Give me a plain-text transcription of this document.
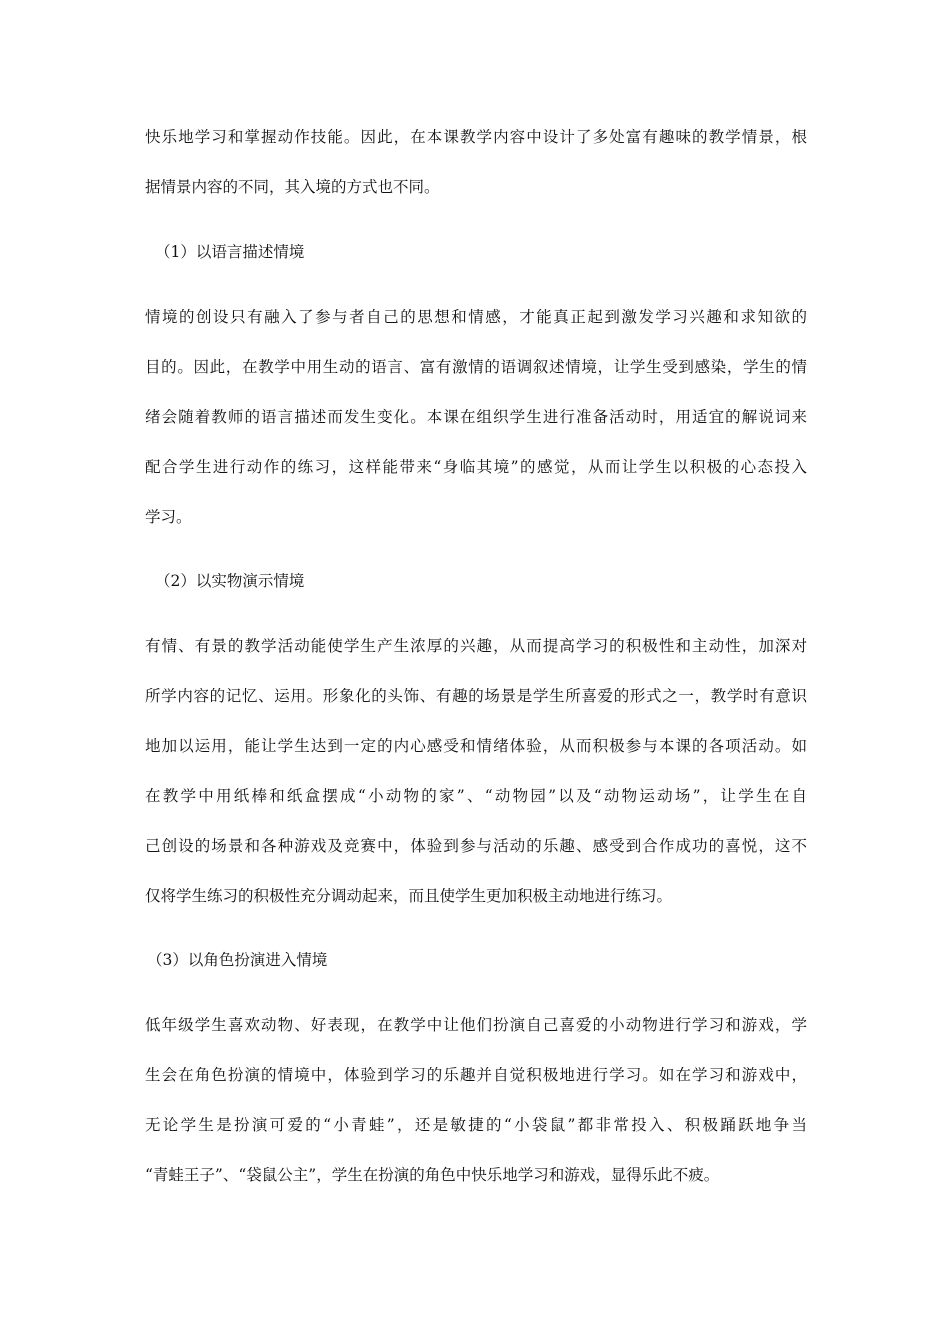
快乐地学习和掌握动作技能。因此，在本课教学内容中设计了多处富有趣味的教学情景，根
据情景内容的不同，其入境的方式也不同。
（1）以语言描述情境
情境的创设只有融入了参与者自己的思想和情感，才能真正起到激发学习兴趣和求知欲的
目的。因此，在教学中用生动的语言、富有激情的语调叙述情境，让学生受到感染，学生的情
绪会随着教师的语言描述而发生变化。本课在组织学生进行准备活动时，用适宜的解说词来
配合学生进行动作的练习，这样能带来“身临其境”的感觉，从而让学生以积极的心态投入
学习。
（2）以实物演示情境
有情、有景的教学活动能使学生产生浓厚的兴趣，从而提高学习的积极性和主动性，加深对
所学内容的记忆、运用。形象化的头饰、有趣的场景是学生所喜爱的形式之一，教学时有意识
地加以运用，能让学生达到一定的内心感受和情绪体验，从而积极参与本课的各项活动。如
在教学中用纸棒和纸盒摆成“小动物的家”、“动物园”以及“动物运动场”，让学生在自
己创设的场景和各种游戏及竞赛中，体验到参与活动的乐趣、感受到合作成功的喜悦，这不
仅将学生练习的积极性充分调动起来，而且使学生更加积极主动地进行练习。
（3）以角色扮演进入情境
低年级学生喜欢动物、好表现，在教学中让他们扮演自己喜爱的小动物进行学习和游戏，学
生会在角色扮演的情境中，体验到学习的乐趣并自觉积极地进行学习。如在学习和游戏中，
无论学生是扮演可爱的“小青蛙”，还是敏捷的“小袋鼠”都非常投入、积极踊跃地争当
“青蛙王子”、“袋鼠公主”，学生在扮演的角色中快乐地学习和游戏，显得乐此不疲。
